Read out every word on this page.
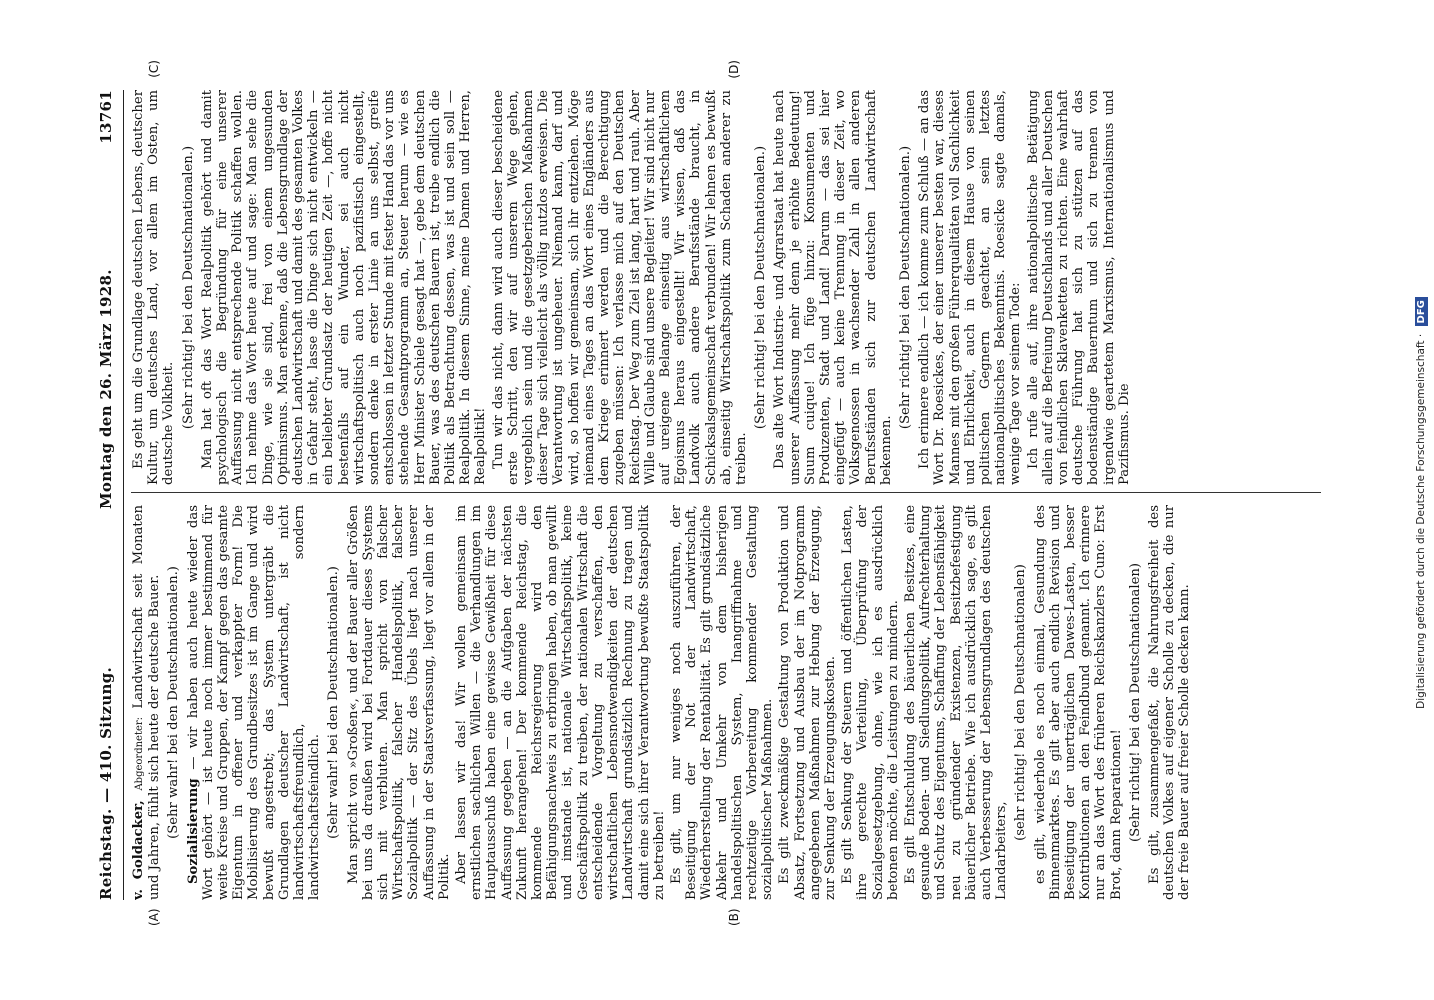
Reichstag. — 410. Sitzung.
Montag den 26. März 1928. 13761
(A)	(B)
(C)	(D)

v. Goldacker, Abgeordneter: Landwirtschaft seit Monaten und Jahren, fühlt sich heute der deutsche Bauer. (Sehr wahr! bei den Deutschnationalen.) Sozialisierung — wir haben auch heute wieder das Wort gehört — ist heute noch immer bestimmend für weite Kreise und Gruppen, der Kampf gegen das gesamte Eigentum in offener und verkappter Form! Die Mobilisierung des Grundbesitzes ist im Gange und wird bewußt angestrebt; das System untergräbt die Grundlagen deutscher Landwirtschaft, ist nicht landwirtschaftsfreundlich, sondern landwirtschaftsfeindlich. (Sehr wahr! bei den Deutschnationalen.) Man spricht von »Großen«, und der Bauer aller Größen bei uns da draußen wird bei Fortdauer dieses Systems sich mit verbluten. Man spricht von falscher Wirtschaftspolitik, falscher Handelspolitik, falscher Sozialpolitik — der Sitz des Übels liegt nach unserer Auffassung in der Staatsverfassung, liegt vor allem in der Politik. Aber lassen wir das! Wir wollen gemeinsam im ernstlichen sachlichen Willen — die Verhandlungen im Hauptausschuß haben eine gewisse Gewißheit für diese Auffassung gegeben — an die Aufgaben der nächsten Zukunft herangehen! Der kommende Reichstag, die kommende Reichsregierung wird den Befähigungsnachweis zu erbringen haben, ob man gewillt und imstande ist, nationale Wirtschaftspolitik, keine Geschäftspolitik zu treiben, der nationalen Wirtschaft die entscheidende Vorgeltung zu verschaffen, den wirtschaftlichen Lebensnotwendigkeiten der deutschen Landwirtschaft grundsätzlich Rechnung zu tragen und damit eine sich ihrer Verantwortung bewußte Staatspolitik zu betreiben! Es gilt, um nur weniges noch auszuführen, der Beseitigung der Not der Landwirtschaft, Wiederherstellung der Rentabilität. Es gilt grundsätzliche Abkehr und Umkehr von dem bisherigen handelspolitischen System, Inangriffnahme und rechtzeitige Vorbereitung kommender Gestaltung sozialpolitischer Maßnahmen. Es gilt zweckmäßige Gestaltung von Produktion und Absatz, Fortsetzung und Ausbau der im Notprogramm angegebenen Maßnahmen zur Hebung der Erzeugung, zur Senkung der Erzeugungskosten. Es gilt Senkung der Steuern und öffentlichen Lasten, ihre gerechte Verteilung, Überprüfung der Sozialgesetzgebung, ohne, wie ich es ausdrücklich betonen möchte, die Leistungen zu mindern. Es gilt Entschuldung des bäuerlichen Besitzes, eine gesunde Boden- und Siedlungspolitik, Aufrechterhaltung und Schutz des Eigentums, Schaffung der Lebensfähigkeit neu zu gründender Existenzen, Besitzbefestigung bäuerlicher Betriebe. Wie ich ausdrücklich sage, es gilt auch Verbesserung der Lebensgrundlagen des deutschen Landarbeiters,

(sehr richtig! bei den Deutschnationalen) es gilt, wiederhole es noch einmal, Gesundung des Binnenmarktes. Es gilt aber auch endlich Revision und Beseitigung der unerträglichen Dawes-Lasten, besser Kontributionen an den Feindbund genannt. Ich erinnere nur an das Wort des früheren Reichskanzlers Cuno: Erst Brot, dann Reparationen! (Sehr richtig! bei den Deutschnationalen) Es gilt, zusammengefaßt, die Nahrungsfreiheit des deutschen Volkes auf eigener Scholle zu decken, die nur der freie Bauer auf freier Scholle decken kann.

Es geht um die Grundlage deutschen Lebens, deutscher Kultur, um deutsches Land, vor allem im Osten, um deutsche Volkheit. (Sehr richtig! bei den Deutschnationalen.) Man hat oft das Wort Realpolitik gehört und damit psychologisch die Begründung für eine unserer Auffassung nicht entsprechende Politik schaffen wollen. Ich nehme das Wort heute auf und sage: Man sehe die Dinge, wie sie sind, frei von einem ungesunden Optimismus. Man erkenne, daß die Lebensgrundlage der deutschen Landwirtschaft und damit des gesamten Volkes in Gefahr steht, lasse die Dinge sich nicht entwickeln — ein beliebter Grundsatz der heutigen Zeit —, hoffe nicht bestenfalls auf ein Wunder, sei auch nicht wirtschaftspolitisch auch noch pazifistisch eingestellt, sondern denke in erster Linie an uns selbst, greife entschlossen in letzter Stunde mit fester Hand das vor uns stehende Gesamtprogramm an, Steuer herum — wie es Herr Minister Schiele gesagt hat —, gebe dem deutschen Bauer, was des deutschen Bauern ist, treibe endlich die Politik als Betrachtung dessen, was ist und sein soll — Realpolitik. In diesem Sinne, meine Damen und Herren, Realpolitik! Tun wir das nicht, dann wird auch dieser bescheidene erste Schritt, den wir auf unserem Wege gehen, vergeblich sein und die gesetzgeberischen Maßnahmen dieser Tage sich vielleicht als völlig nutzlos erweisen. Die Verantwortung ist ungeheuer. Niemand kann, darf und wird, so hoffen wir gemeinsam, sich ihr entziehen. Möge niemand eines Tages an das Wort eines Engländers aus dem Kriege erinnert werden und die Berechtigung zugeben müssen: Ich verlasse mich auf den Deutschen Reichstag. Der Weg zum Ziel ist lang, hart und rauh. Aber Wille und Glaube sind unsere Begleiter! Wir sind nicht nur auf ureigene Belange einseitig aus wirtschaftlichem Egoismus heraus eingestellt! Wir wissen, daß das Landvolk auch andere Berufsstände braucht, in Schicksalsgemeinschaft verbunden! Wir lehnen es bewußt ab, einseitig Wirtschaftspolitik zum Schaden anderer zu treiben.

(Sehr richtig! bei den Deutschnationalen.) Das alte Wort Industrie- und Agrarstaat hat heute nach unserer Auffassung mehr denn je erhöhte Bedeutung! Suum cuique! Ich füge hinzu: Konsumenten und Produzenten, Stadt und Land! Darum — das sei hier eingefügt — auch keine Trennung in dieser Zeit, wo Volksgenossen in wachsender Zahl in allen anderen Berufsständen sich zur deutschen Landwirtschaft bekennen.

(Sehr richtig! bei den Deutschnationalen.) Ich erinnere endlich — ich komme zum Schluß — an das Wort Dr. Roesickes, der einer unserer besten war, dieses Mannes mit den großen Führerqualitäten voll Sachlichkeit und Ehrlichkeit, auch in diesem Hause von seinen politischen Gegnern geachtet, an sein letztes nationalpolitisches Bekenntnis. Roesicke sagte damals, wenige Tage vor seinem Tode: Ich rufe alle auf, ihre nationalpolitische Betätigung allein auf die Befreiung Deutschlands und aller Deutschen von feindlichen Sklavenketten zu richten. Eine wahrhaft deutsche Führung hat sich zu stützen auf das bodenständige Bauerntum und sich zu trennen von irgendwie geartetem Marxismus, Internationalismus und Pazifismus. Die	Digitalisierung gefördert durch die Deutsche Forschungsgemeinschaft · DFG
